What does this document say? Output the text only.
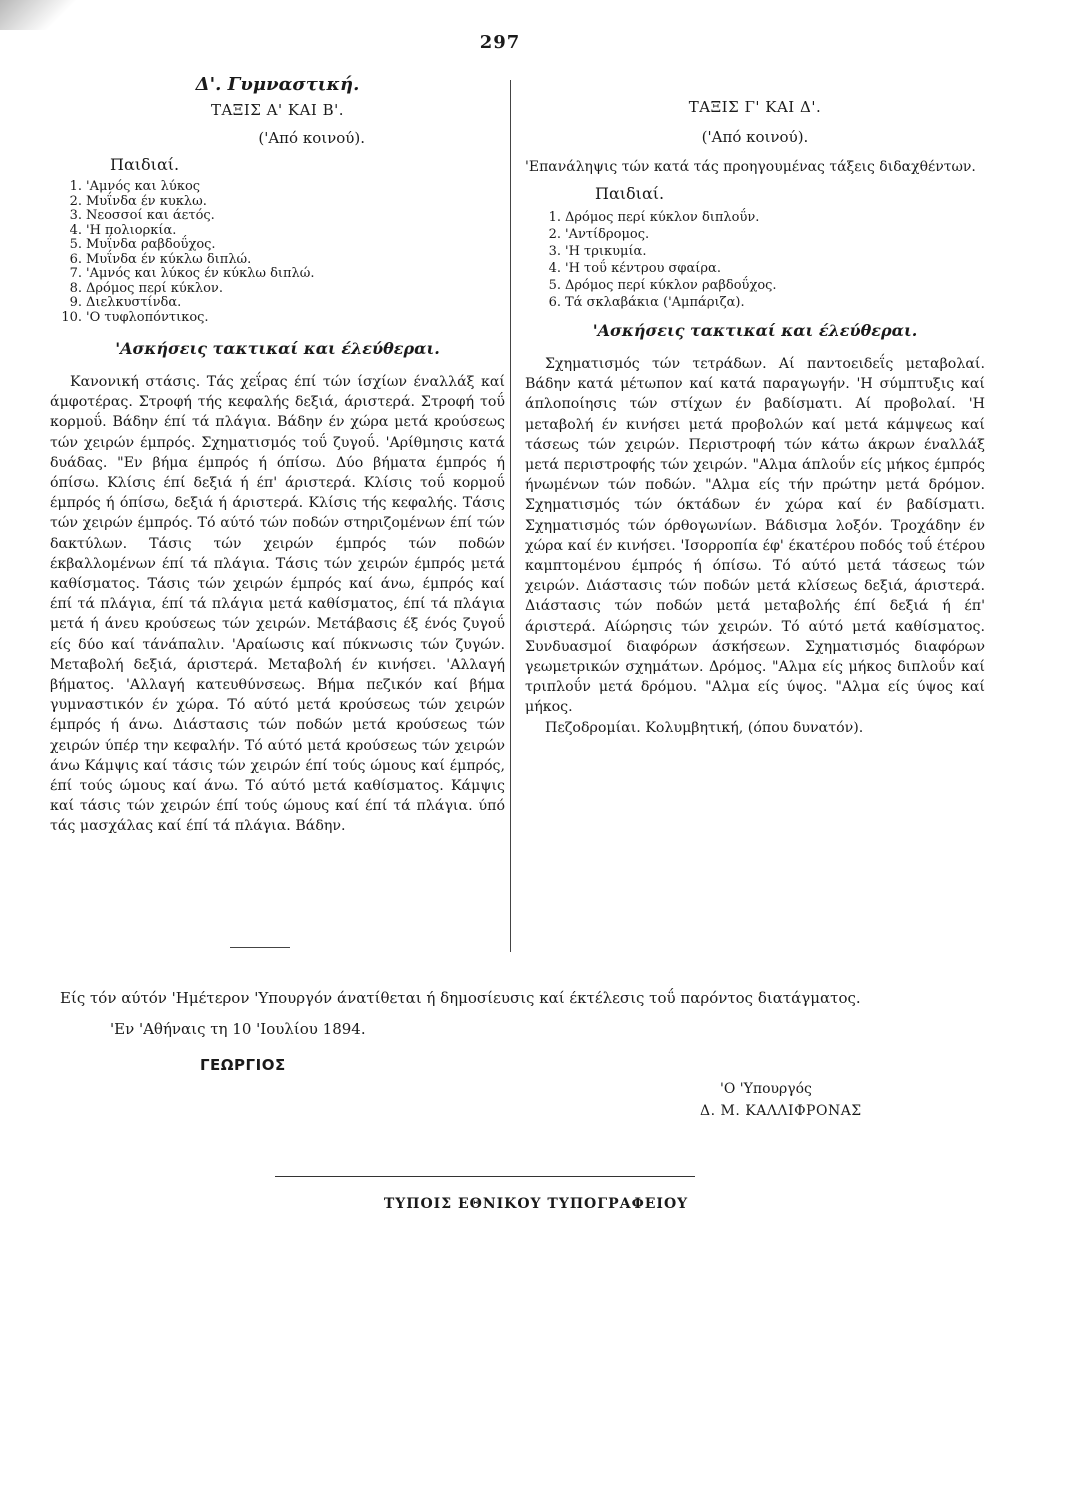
297
Δ'. Γυμναστική.
ΤΑΞΙΣ Α' ΚΑΙ Β'.
('Από κοινού).
Παιδιαί.
1. 'Αμνός και λύκος
2. Μυΐνδα έν κυκλω.
3. Νεοσσοί και άετός.
4. 'Η πολιορκία.
5. Μυΐνδα ραβδοΰχος.
6. Μυΐνδα έν κύκλω διπλώ.
7. 'Αμνός και λύκος έν κύκλω διπλώ.
8. Δρόμος περί κύκλον.
9. Διελκυστίνδα.
10. 'Ο τυφλοπόντικος.
'Ασκήσεις τακτικαί και έλεύθεραι.

Κανονική στάσις. Τάς χεΐρας έπί τών ίσχίων έναλλάξ καί άμφοτέρας. Στροφή τής κεφαλής δεξιά, άριστερά. Στροφή τοΰ κορμοΰ. Βάδην έπί τά πλάγια. Βάδην έν χώρα μετά κρούσεως τών χειρών έμπρός. Σχηματισμός τοΰ ζυγοΰ. 'Αρίθμησις κατά δυάδας. "Εν βήμα έμπρός ή όπίσω. Δύο βήματα έμπρός ή όπίσω. Κλίσις έπί δεξιά ή έπ' άριστερά. Κλίσις τοΰ κορμοΰ έμπρός ή όπίσω, δεξιά ή άριστερά. Κλίσις τής κεφαλής. Τάσις τών χειρών έμπρός. Τό αύτό τών ποδών στηριζομένων έπί τών δακτύλων. Τάσις τών χειρών έμπρός τών ποδών έκβαλλομένων έπί τά πλάγια. Τάσις τών χειρών έμπρός μετά καθίσματος. Τάσις τών χειρών έμπρός καί άνω, έμπρός καί έπί τά πλάγια, έπί τά πλάγια μετά καθίσματος, έπί τά πλάγια μετά ή άνευ κρούσεως τών χειρών. Μετάβασις έξ ένός ζυγοΰ είς δύο καί τάνάπαλιν. 'Αραίωσις καί πύκνωσις τών ζυγών. Μεταβολή δεξιά, άριστερά. Μεταβολή έν κινήσει. 'Αλλαγή βήματος. 'Αλλαγή κατευθύνσεως. Βήμα πεζικόν καί βήμα γυμναστικόν έν χώρα. Τό αύτό μετά κρούσεως τών χειρών έμπρός ή άνω. Διάστασις τών ποδών μετά κρούσεως τών χειρών ύπέρ την κεφαλήν. Τό αύτό μετά κρούσεως τών χειρών άνω Κάμψις καί τάσις τών χειρών έπί τούς ώμους καί έμπρός, έπί τούς ώμους καί άνω. Τό αύτό μετά καθίσματος. Κάμψις καί τάσις τών χειρών έπί τούς ώμους καί έπί τά πλάγια. ύπό τάς μασχάλας καί έπί τά πλάγια. Βάδην.

ΤΑΞΙΣ Γ' ΚΑΙ Δ'.
('Από κοινού).

'Επανάληψις τών κατά τάς προηγουμένας τάξεις διδαχθέντων.

Παιδιαί.
1. Δρόμος περί κύκλον διπλοΰν.
2. 'Αντίδρομος.
3. 'Η τρικυμία.
4. 'Η τοΰ κέντρου σφαίρα.
5. Δρόμος περί κύκλον ραβδοΰχος.
6. Τά σκλαβάκια ('Αμπάριζα).
'Ασκήσεις τακτικαί και έλεύθεραι.

Σχηματισμός τών τετράδων. Αί παντοειδεΐς μεταβολαί. Βάδην κατά μέτωπον καί κατά παραγωγήν. 'Η σύμπτυξις καί άπλοποίησις τών στίχων έν βαδίσματι. Αί προβολαί. 'Η μεταβολή έν κινήσει μετά προβολών καί μετά κάμψεως καί τάσεως τών χειρών. Περιστροφή τών κάτω άκρων έναλλάξ μετά περιστροφής τών χειρών. "Αλμα άπλοΰν είς μήκος έμπρός ήνωμένων τών ποδών. "Αλμα είς τήν πρώτην μετά δρόμον. Σχηματισμός τών όκτάδων έν χώρα καί έν βαδίσματι. Σχηματισμός τών όρθογωνίων. Βάδισμα λοξόν. Τροχάδην έν χώρα καί έν κινήσει. 'Ισορροπία έφ' έκατέρου ποδός τοΰ έτέρου καμπτομένου έμπρός ή όπίσω. Τό αύτό μετά τάσεως τών χειρών. Διάστασις τών ποδών μετά κλίσεως δεξιά, άριστερά. Διάστασις τών ποδών μετά μεταβολής έπί δεξιά ή έπ' άριστερά. Αίώρησις τών χειρών. Τό αύτό μετά καθίσματος. Συνδυασμοί διαφόρων άσκήσεων. Σχηματισμός διαφόρων γεωμετρικών σχημάτων. Δρόμος. "Αλμα είς μήκος διπλοΰν καί τριπλοΰν μετά δρόμου. "Αλμα είς ύψος. "Αλμα είς ύψος καί μήκος.

Πεζοδρομίαι. Κολυμβητική, (όπου δυνατόν).

Είς τόν αύτόν 'Ημέτερον 'Υπουργόν άνατίθεται ή δημοσίευσις καί έκτέλεσις τοΰ παρόντος διατάγματος.
'Εν 'Αθήναις τη 10 'Ιουλίου 1894.
ΓΕΩΡΓΙΟΣ
'Ο 'Υπουργός
Δ. Μ. ΚΑΛΛΙΦΡΟΝΑΣ
ΤΥΠΟΙΣ ΕΘΝΙΚΟΥ ΤΥΠΟΓΡΑΦΕΙΟΥ
